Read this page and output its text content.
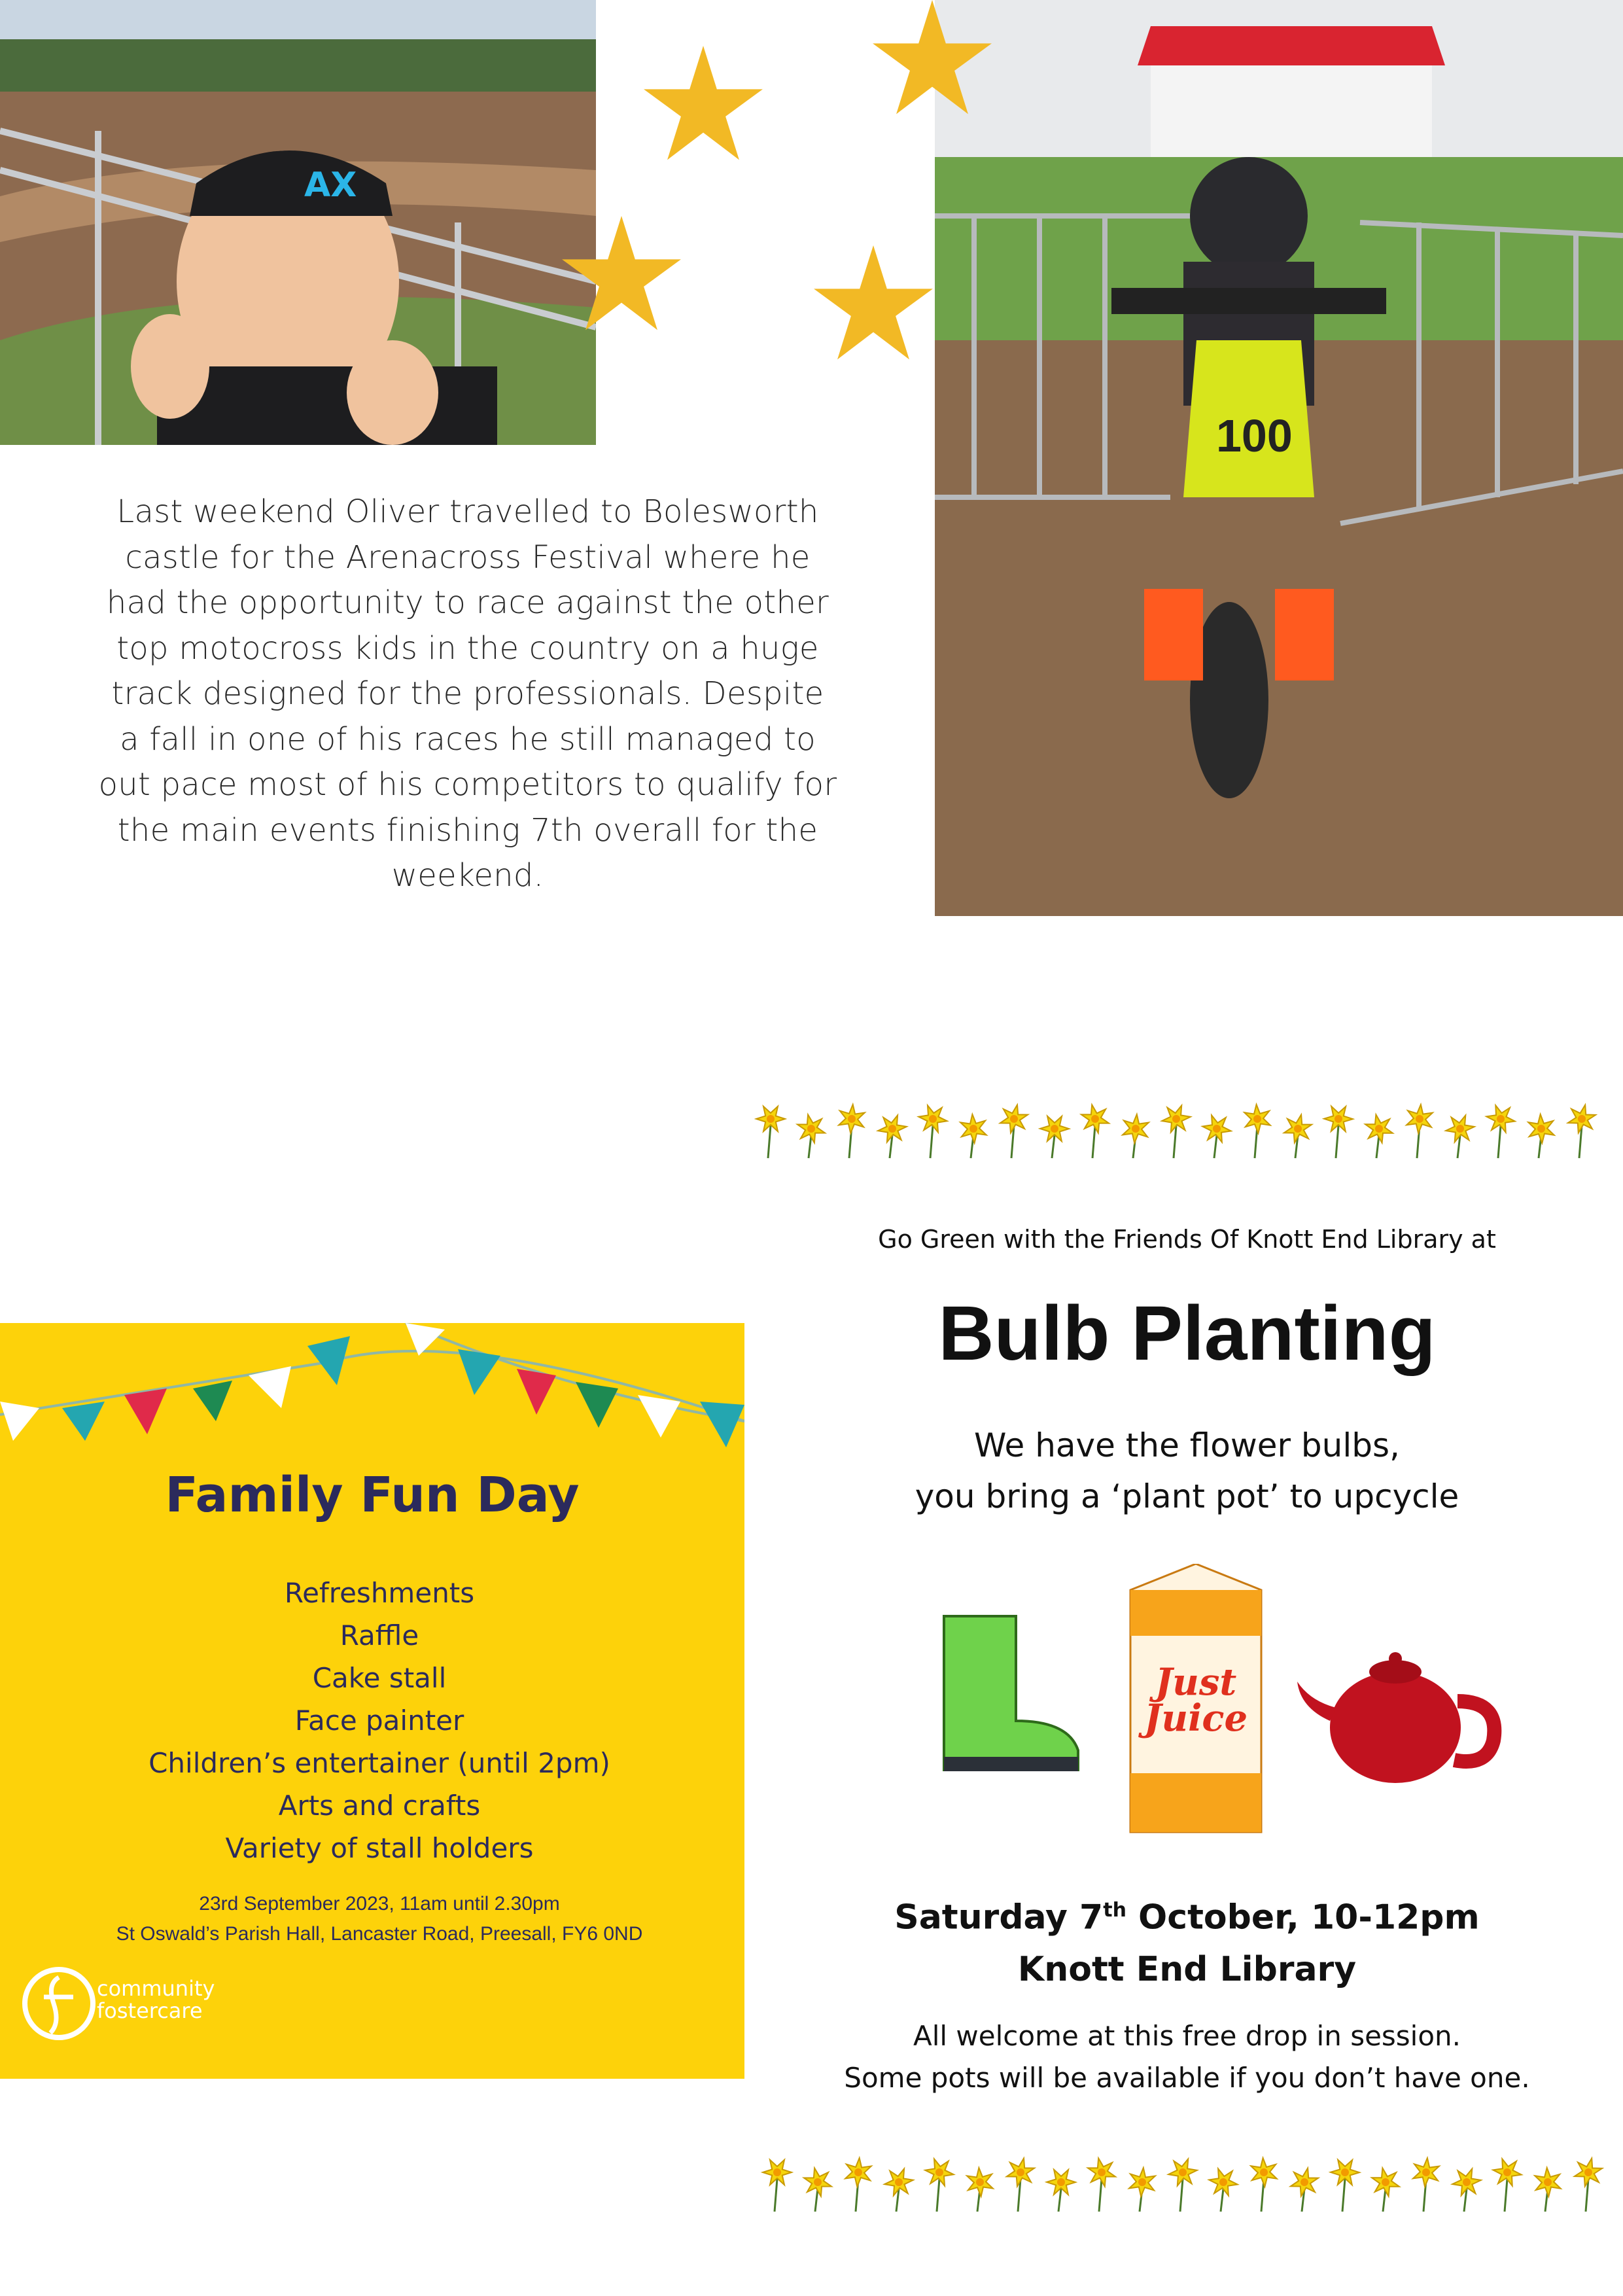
AX
100
Last weekend Oliver travelled to Bolesworth castle for the Arenacross Festival where he had the opportunity to race against the other top motocross kids in the country on a huge track designed for the professionals. Despite a fall in one of his races he still managed to out pace most of his competitors to qualify for the main events finishing 7th overall for the weekend.
Family Fun Day
Refreshments
Raffle
Cake stall
Face painter
Children’s entertainer (until 2pm)
Arts and crafts
Variety of stall holders
23rd September 2023, 11am until 2.30pm
St Oswald’s Parish Hall, Lancaster Road, Preesall, FY6 0ND
community
fostercare
Go Green with the Friends Of Knott End Library at
Bulb Planting
We have the flower bulbs,
you bring a ‘plant pot’ to upcycle
Just
Juice
Saturday 7th October, 10-12pm
Knott End Library
All welcome at this free drop in session.
Some pots will be available if you don’t have one.
